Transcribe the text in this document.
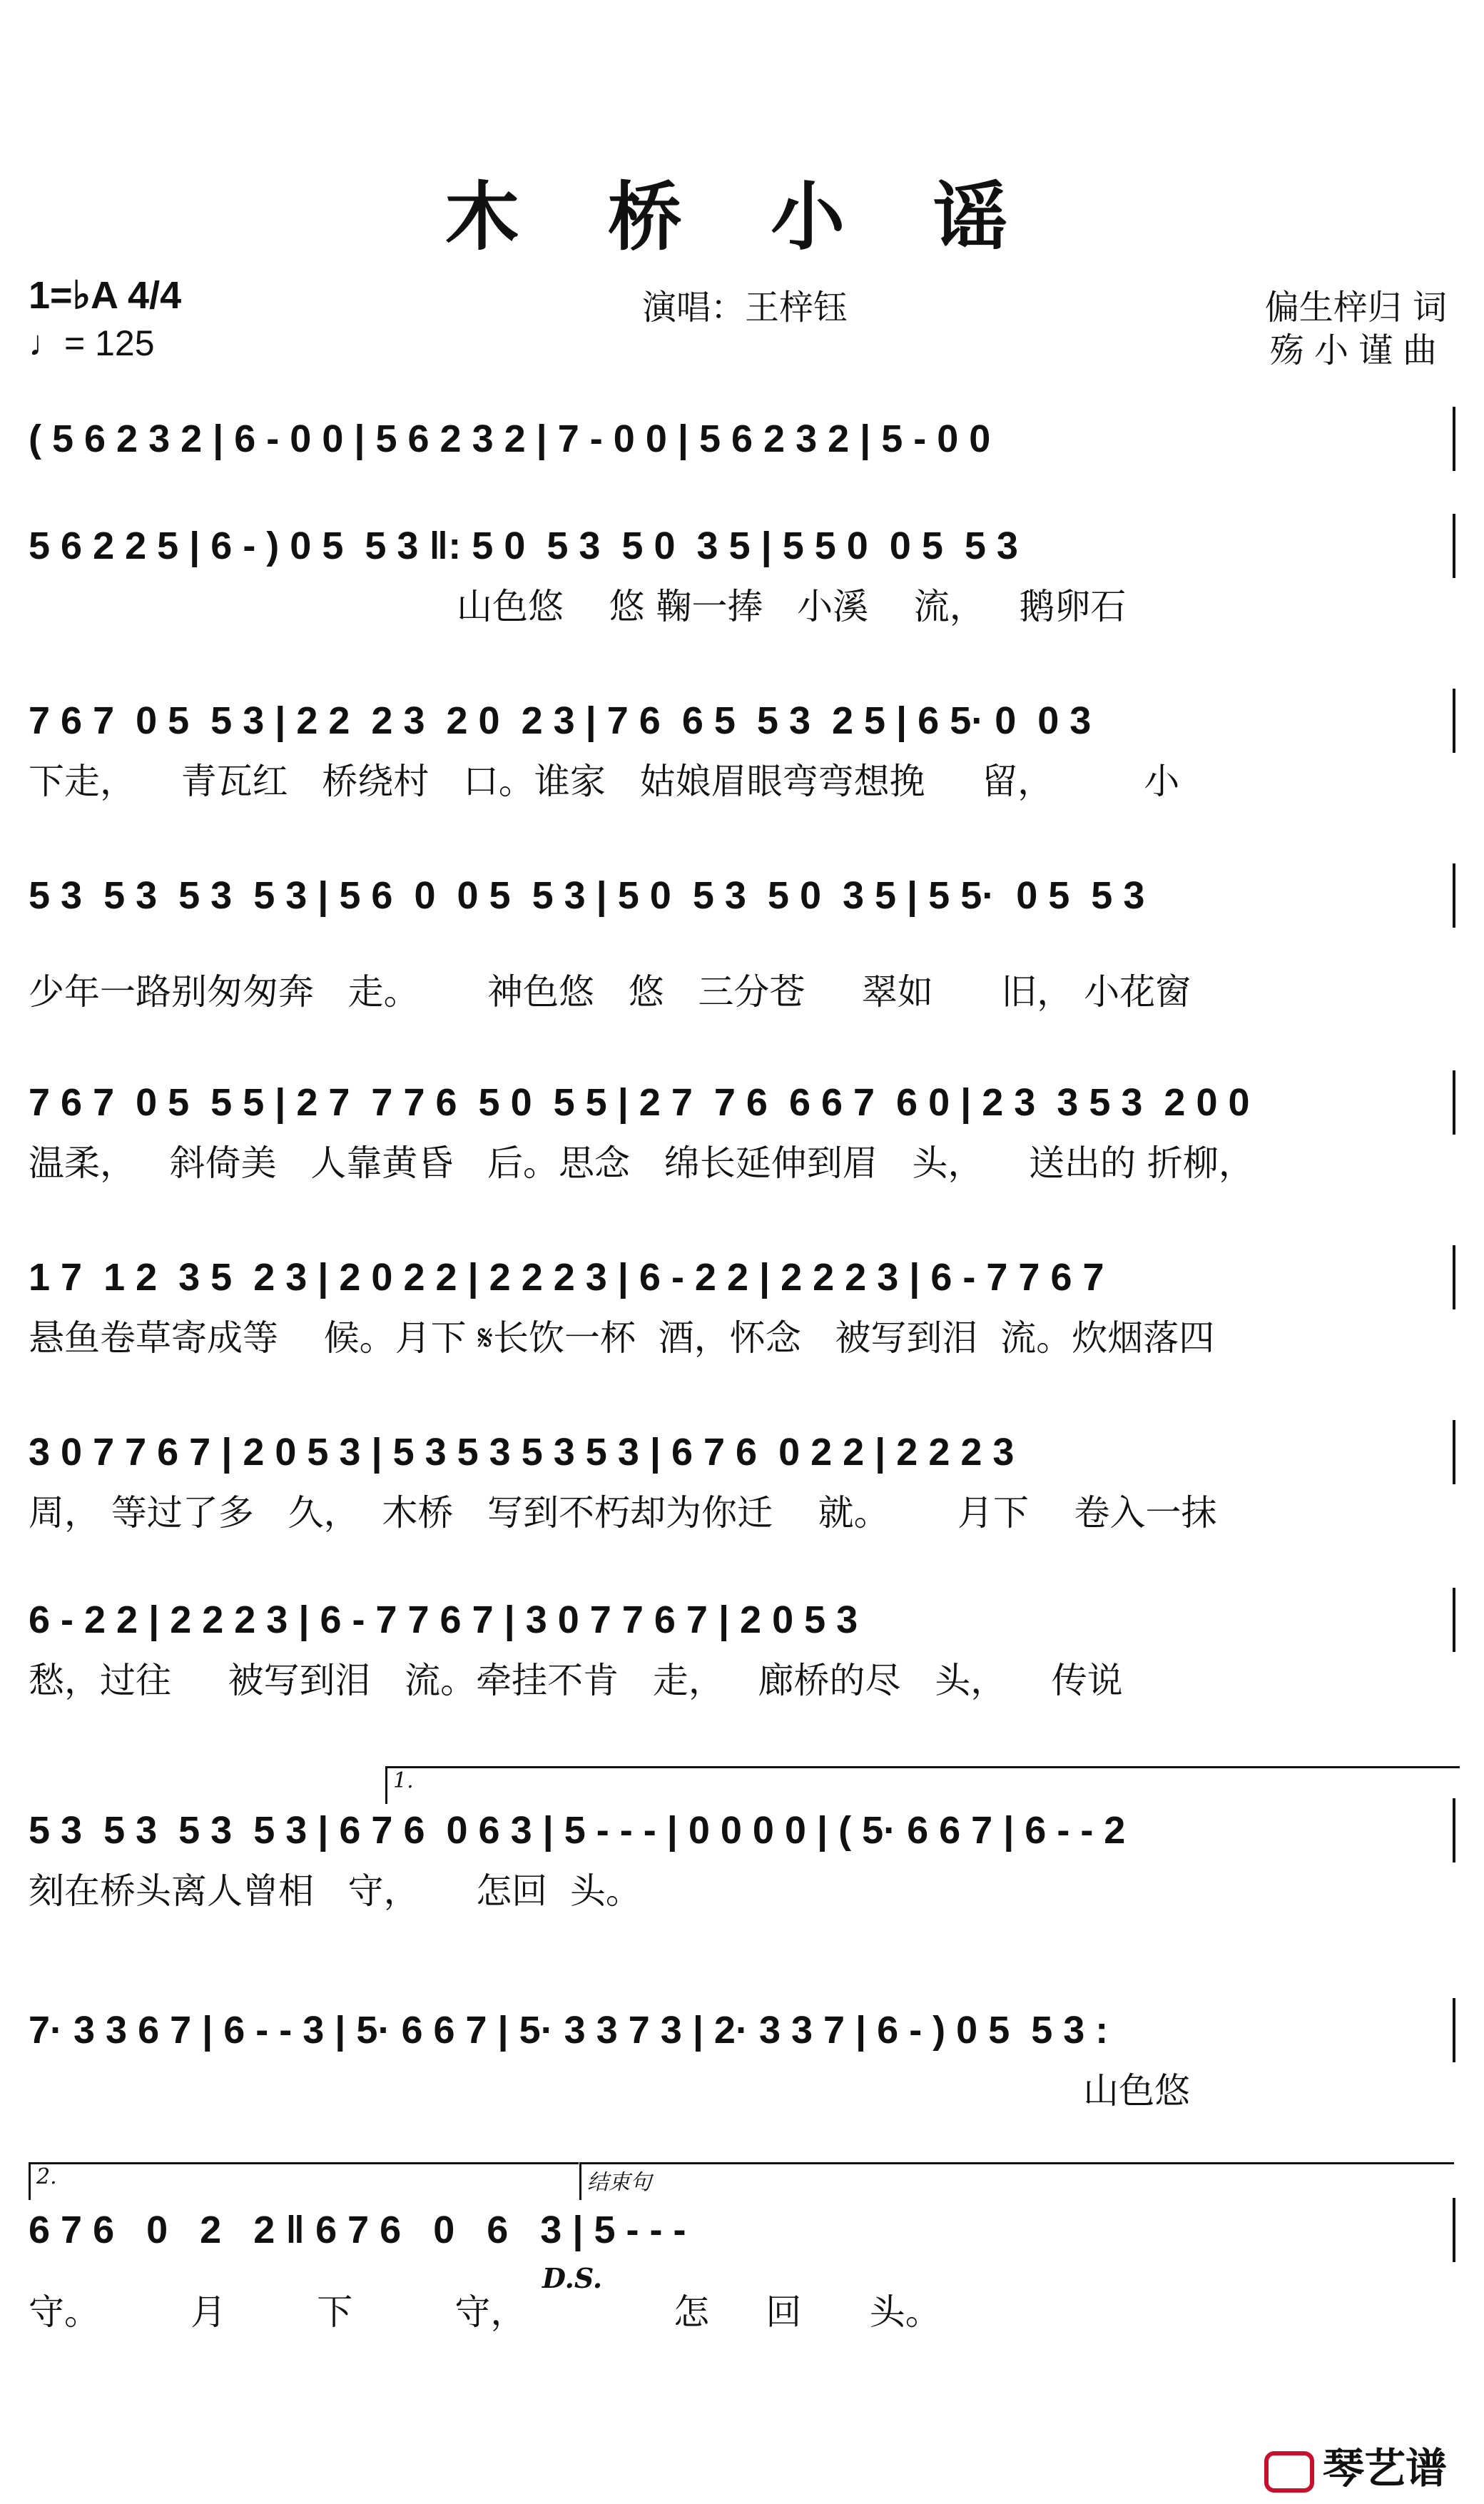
木 桥 小 谣
1=♭A 4/4
♩= 125
演唱：王梓钰	偏生梓归 词
殇小谨曲
( 5 6 2 3 2 | 6 - 0 0 | 5 6 2 3 2 | 7 - 0 0 | 5 6 2 3 2 | 5 - 0 0
5 6 2 2 5 | 6 - ) 0 5  5 3 ‖: 5 0  5 3  5 0  3 5 | 5 5 0  0 5  5 3
山色悠    悠 鞠一捧   小溪    流，   鹅卵石
7 6 7  0 5  5 3 | 2 2  2 3  2 0  2 3 | 7 6  6 5  5 3  2 5 | 6 5· 0  0 3
下走，    青瓦红   桥绕村   口。谁家   姑娘眉眼弯弯想挽     留，        小
5 3  5 3  5 3  5 3 | 5 6  0  0 5  5 3 | 5 0  5 3  5 0  3 5 | 5 5·  0 5  5 3
少年一路别匆匆奔   走。      神色悠   悠   三分苍     翠如      旧， 小花窗
7 6 7  0 5  5 5 | 2 7  7 7 6  5 0  5 5 | 2 7  7 6  6 6 7  6 0 | 2 3  3 5 3  2 0 0
温柔，   斜倚美   人靠黄昏   后。思念   绵长延伸到眉   头，    送出的 折柳，
1 7  1 2  3 5  2 3 | 2 0 2 2 | 2 2 2 3 | 6 - 2 2 | 2 2 2 3 | 6 - 7 7 6 7
悬鱼卷草寄成等    候。月下 𝄋长饮一杯  酒，怀念   被写到泪  流。炊烟落四
3 0 7 7 6 7 | 2 0 5 3 | 5 3 5 3 5 3 5 3 | 6 7 6  0 2 2 | 2 2 2 3
周， 等过了多   久，  木桥   写到不朽却为你迁    就。      月下    卷入一抹
6 - 2 2 | 2 2 2 3 | 6 - 7 7 6 7 | 3 0 7 7 6 7 | 2 0 5 3
愁，过往     被写到泪   流。牵挂不肯   走，   廊桥的尽   头，    传说
1.
5 3  5 3  5 3  5 3 | 6 7 6  0 6 3 | 5 - - - | 0 0 0 0 | ( 5· 6 6 7 | 6 - - 2
刻在桥头离人曾相   守，     怎回  头。
7· 3 3 6 7 | 6 - - 3 | 5· 6 6 7 | 5· 3 3 7 3 | 2· 3 3 7 | 6 - ) 0 5  5 3 :
山色悠
2.	结束句
6 7 6   0   2   2 ‖ 6 7 6   0   6   3 | 5 - - -
守。        月        下         守，             怎     回      头。
D.S.
琴艺谱
